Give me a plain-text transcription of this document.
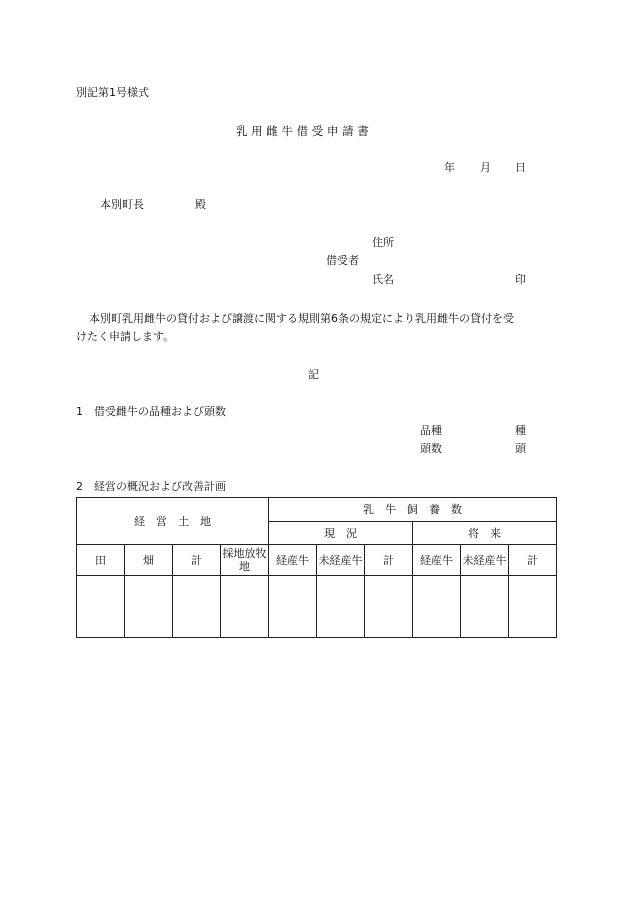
別記第1号様式
乳 用 雌 牛 借 受 申 請 書
年 月 日
本別町長	殿
住所
借受者
氏名	印
本別町乳用雌牛の貸付および譲渡に関する規則第6条の規定により乳用雌牛の貸付を受
けたく申請します。
記
1　借受雌牛の品種および頭数
品種	種
頭数	頭
2　経営の概況および改善計画
経　営　土　地				乳　牛　飼　養　数					
				現　況			将　来		
田	畑	計	採地放牧地	経産牛	未経産牛	計	経産牛	未経産牛	計
